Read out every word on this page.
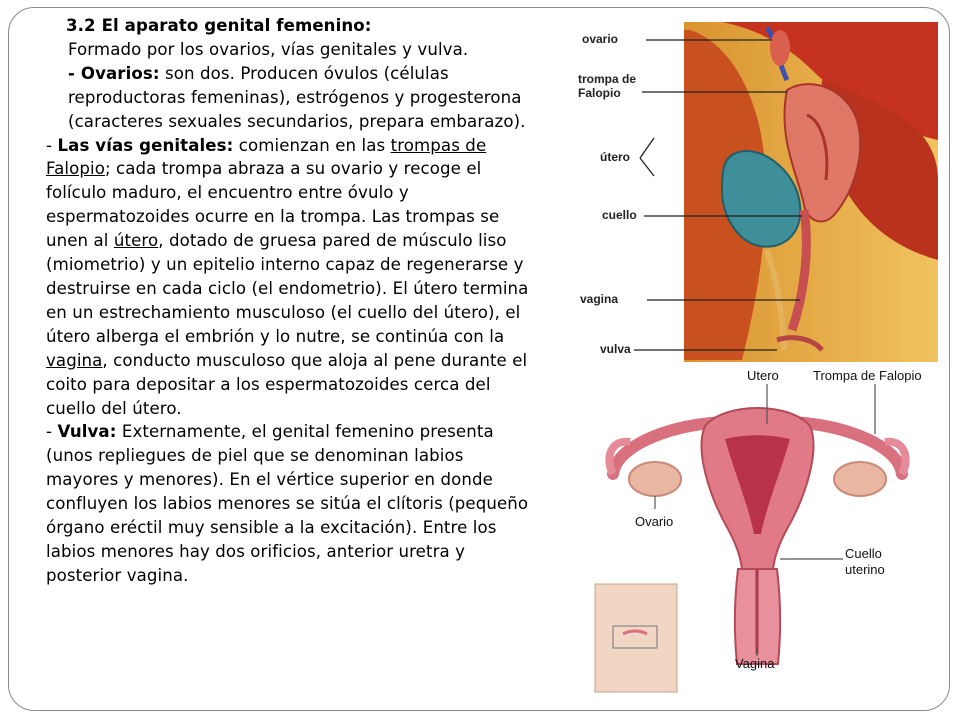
3.2 El aparato genital femenino:

Formado por los ovarios, vías genitales y vulva.

- Ovarios: son dos. Producen óvulos (células reproductoras femeninas), estrógenos y progesterona (caracteres sexuales secundarios, prepara embarazo).

- Las vías genitales: comienzan en las trompas de Falopio; cada trompa abraza a su ovario y recoge el folículo maduro, el encuentro entre óvulo y espermatozoides ocurre en la trompa. Las trompas se unen al útero, dotado de gruesa pared de músculo liso (miometrio) y un epitelio interno capaz de regenerarse y destruirse en cada ciclo (el endometrio). El útero termina en un estrechamiento musculoso (el cuello del útero), el útero alberga el embrión y lo nutre, se continúa con la vagina, conducto musculoso que aloja al pene durante el coito para depositar a los espermatozoides cerca del cuello del útero.

- Vulva: Externamente, el genital femenino presenta (unos repliegues de piel que se denominan labios mayores y menores). En el vértice superior en donde confluyen los labios menores se sitúa el clítoris (pequeño órgano eréctil muy sensible a la excitación). Entre los labios menores hay dos orificios, anterior uretra y posterior vagina.

ovario
trompa de Falopio
útero
cuello
vagina
vulva
Utero	Trompa de Falopio
Ovario
Cuello
uterino
Vagina
